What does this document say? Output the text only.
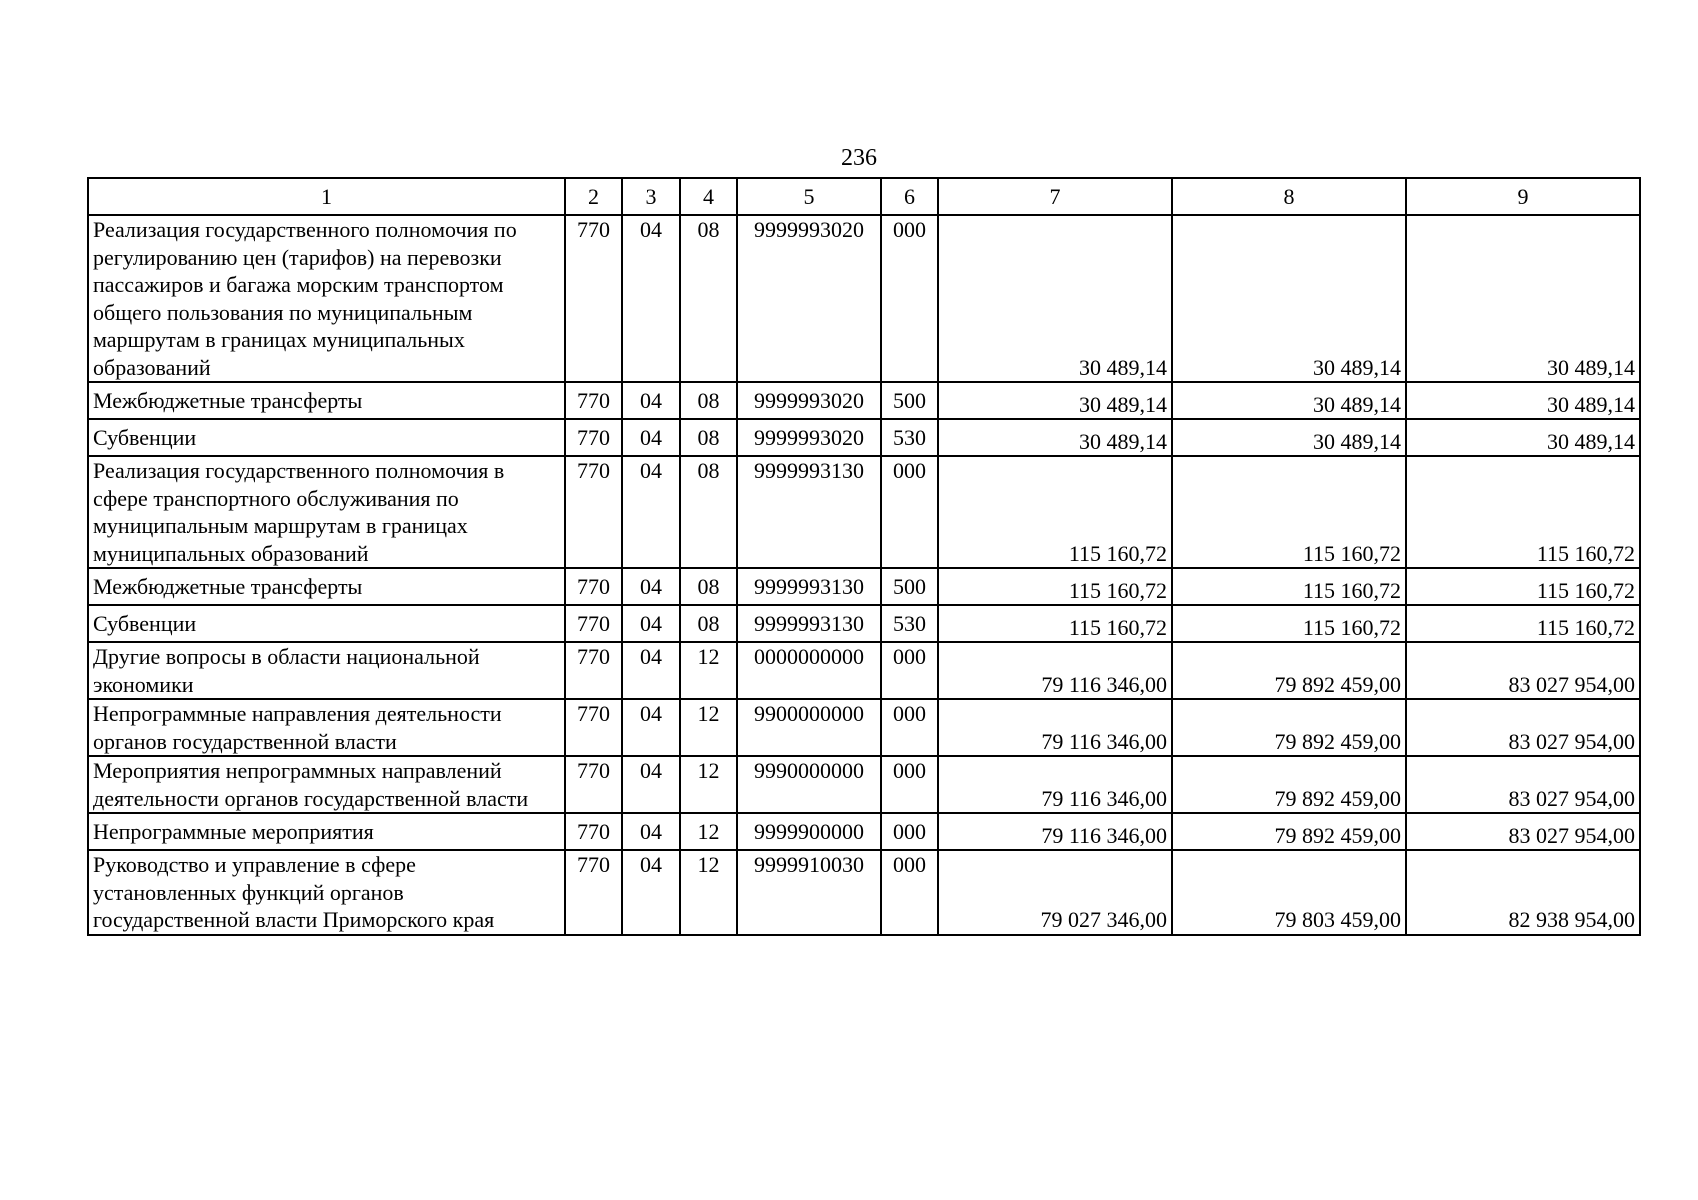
236
1	2	3	4	5	6	7	8	9
Реализация государственного полномочия по регулированию цен (тарифов) на перевозки пассажиров и багажа морским транспортом общего пользования по муниципальным маршрутам в границах муниципальных образований	770	04	08	9999993020	000	30 489,14	30 489,14	30 489,14
Межбюджетные трансферты	770	04	08	9999993020	500	30 489,14	30 489,14	30 489,14
Субвенции	770	04	08	9999993020	530	30 489,14	30 489,14	30 489,14
Реализация государственного полномочия в сфере транспортного обслуживания по муниципальным маршрутам в границах муниципальных образований	770	04	08	9999993130	000	115 160,72	115 160,72	115 160,72
Межбюджетные трансферты	770	04	08	9999993130	500	115 160,72	115 160,72	115 160,72
Субвенции	770	04	08	9999993130	530	115 160,72	115 160,72	115 160,72
Другие вопросы в области национальной экономики	770	04	12	0000000000	000	79 116 346,00	79 892 459,00	83 027 954,00
Непрограммные направления деятельности органов государственной власти	770	04	12	9900000000	000	79 116 346,00	79 892 459,00	83 027 954,00
Мероприятия непрограммных направлений деятельности органов государственной власти	770	04	12	9990000000	000	79 116 346,00	79 892 459,00	83 027 954,00
Непрограммные мероприятия	770	04	12	9999900000	000	79 116 346,00	79 892 459,00	83 027 954,00
Руководство и управление в сфере установленных функций органов государственной власти Приморского края	770	04	12	9999910030	000	79 027 346,00	79 803 459,00	82 938 954,00
